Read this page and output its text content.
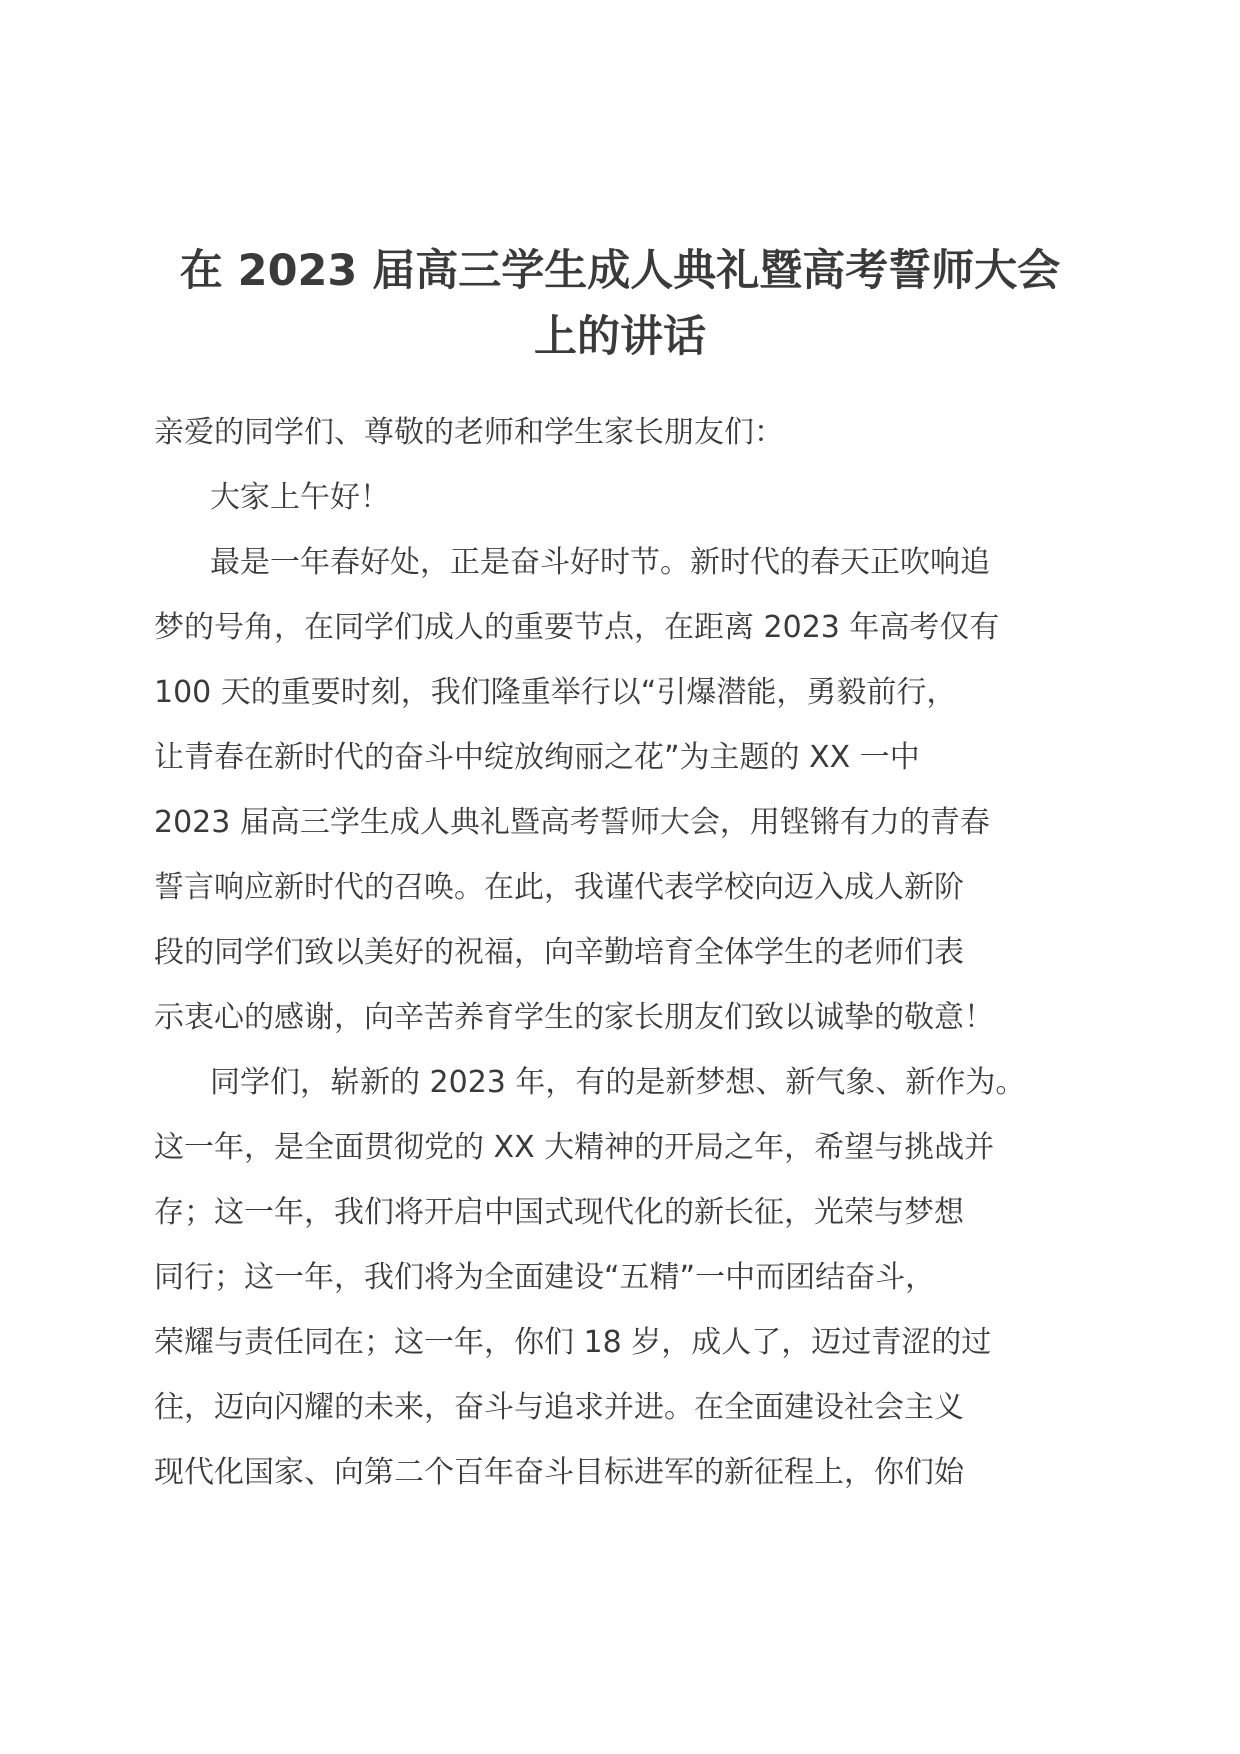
在 2023 届高三学生成人典礼暨高考誓师大会
上的讲话
亲爱的同学们、尊敬的老师和学生家长朋友们：
大家上午好！
最是一年春好处，正是奋斗好时节。新时代的春天正吹响追
梦的号角，在同学们成人的重要节点，在距离 2023 年高考仅有
100 天的重要时刻，我们隆重举行以“引爆潜能，勇毅前行，
让青春在新时代的奋斗中绽放绚丽之花”为主题的 XX 一中
2023 届高三学生成人典礼暨高考誓师大会，用铿锵有力的青春
誓言响应新时代的召唤。在此，我谨代表学校向迈入成人新阶
段的同学们致以美好的祝福，向辛勤培育全体学生的老师们表
示衷心的感谢，向辛苦养育学生的家长朋友们致以诚挚的敬意！
同学们，崭新的 2023 年，有的是新梦想、新气象、新作为。
这一年，是全面贯彻党的 XX 大精神的开局之年，希望与挑战并
存；这一年，我们将开启中国式现代化的新长征，光荣与梦想
同行；这一年，我们将为全面建设“五精”一中而团结奋斗，
荣耀与责任同在；这一年，你们 18 岁，成人了，迈过青涩的过
往，迈向闪耀的未来，奋斗与追求并进。在全面建设社会主义
现代化国家、向第二个百年奋斗目标进军的新征程上，你们始
